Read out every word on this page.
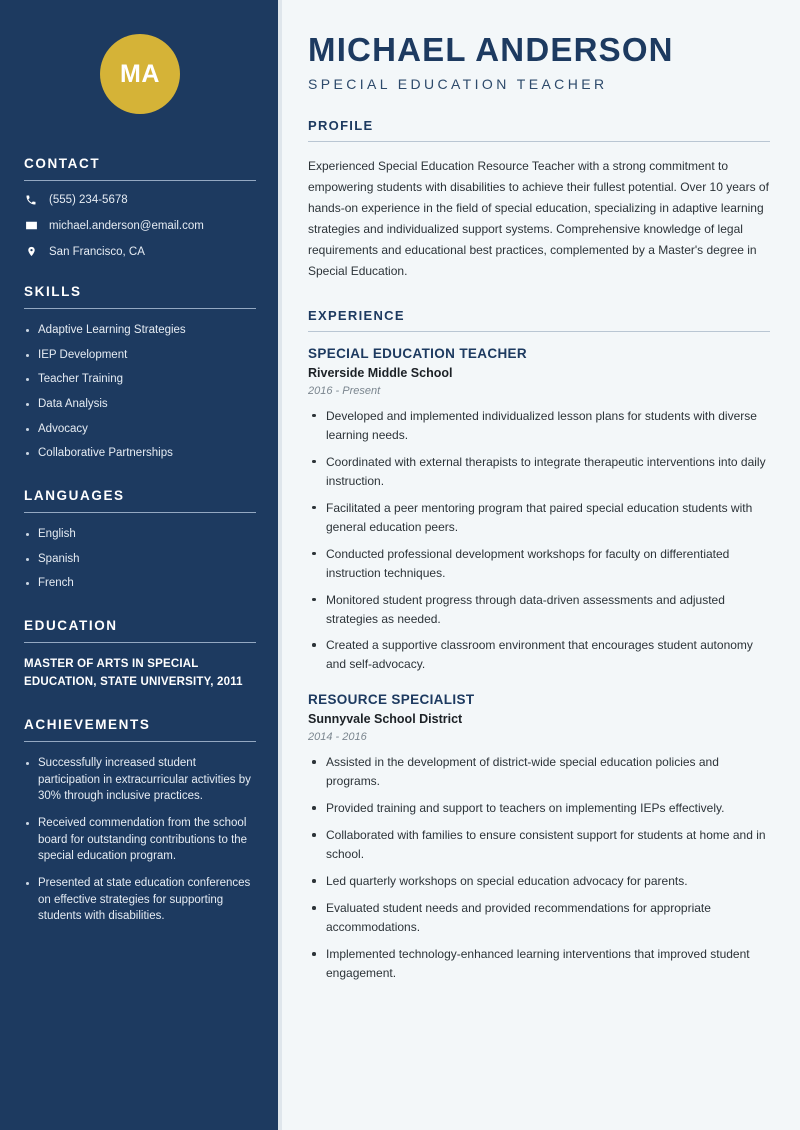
MA
CONTACT
(555) 234-5678
michael.anderson@email.com
San Francisco, CA
SKILLS
Adaptive Learning Strategies
IEP Development
Teacher Training
Data Analysis
Advocacy
Collaborative Partnerships
LANGUAGES
English
Spanish
French
EDUCATION
MASTER OF ARTS IN SPECIAL EDUCATION, STATE UNIVERSITY, 2011
ACHIEVEMENTS
Successfully increased student participation in extracurricular activities by 30% through inclusive practices.
Received commendation from the school board for outstanding contributions to the special education program.
Presented at state education conferences on effective strategies for supporting students with disabilities.
MICHAEL ANDERSON
SPECIAL EDUCATION TEACHER
PROFILE

Experienced Special Education Resource Teacher with a strong commitment to empowering students with disabilities to achieve their fullest potential. Over 10 years of hands-on experience in the field of special education, specializing in adaptive learning strategies and individualized support systems. Comprehensive knowledge of legal requirements and educational best practices, complemented by a Master's degree in Special Education.

EXPERIENCE
SPECIAL EDUCATION TEACHER
Riverside Middle School
2016 - Present
Developed and implemented individualized lesson plans for students with diverse learning needs.
Coordinated with external therapists to integrate therapeutic interventions into daily instruction.
Facilitated a peer mentoring program that paired special education students with general education peers.
Conducted professional development workshops for faculty on differentiated instruction techniques.
Monitored student progress through data-driven assessments and adjusted strategies as needed.
Created a supportive classroom environment that encourages student autonomy and self-advocacy.
RESOURCE SPECIALIST
Sunnyvale School District
2014 - 2016
Assisted in the development of district-wide special education policies and programs.
Provided training and support to teachers on implementing IEPs effectively.
Collaborated with families to ensure consistent support for students at home and in school.
Led quarterly workshops on special education advocacy for parents.
Evaluated student needs and provided recommendations for appropriate accommodations.
Implemented technology-enhanced learning interventions that improved student engagement.
